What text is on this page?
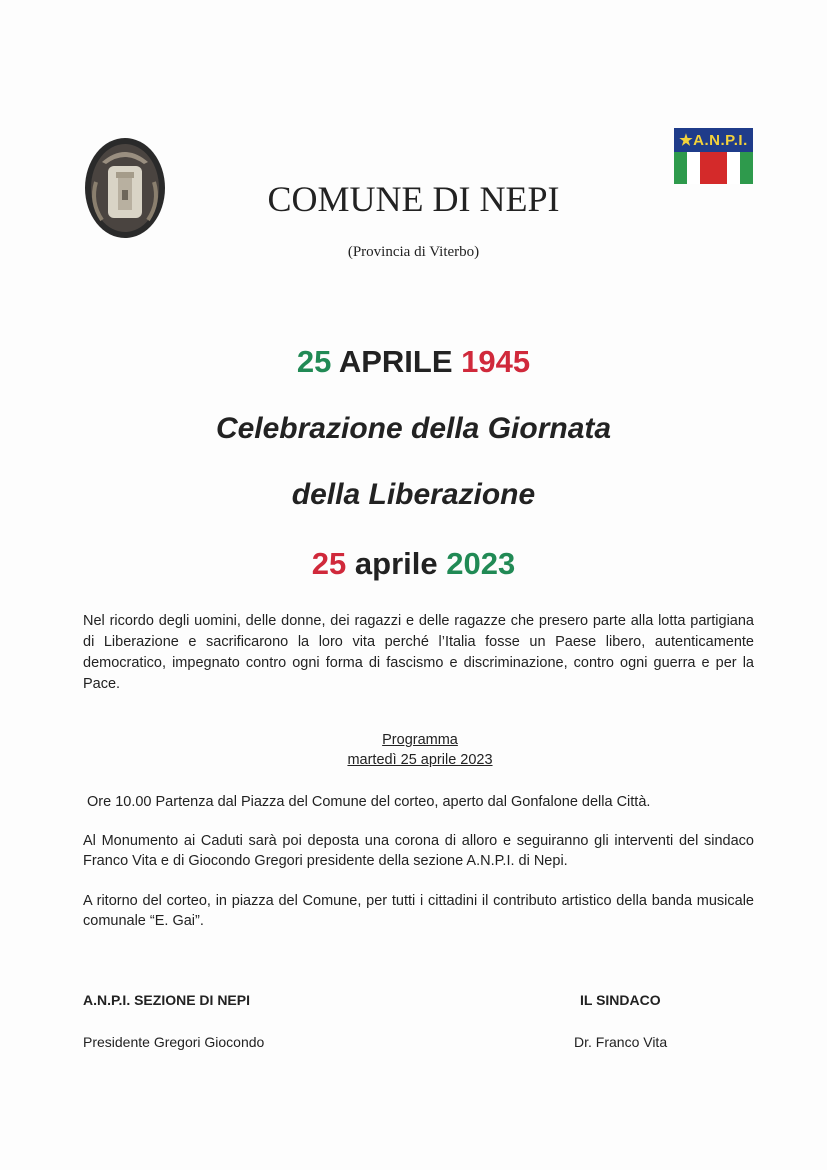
★A.N.P.I.
COMUNE DI NEPI
(Provincia di Viterbo)
25 APRILE 1945
Celebrazione della Giornata
della Liberazione
25 aprile 2023

Nel ricordo degli uomini, delle donne, dei ragazzi e delle ragazze che presero parte alla lotta partigiana di Liberazione e sacrificarono la loro vita perché l’Italia fosse un Paese libero, autenticamente democratico, impegnato contro ogni forma di fascismo e discriminazione, contro ogni guerra e per la Pace.

Programma
martedì 25 aprile 2023

Ore 10.00 Partenza dal Piazza del Comune del corteo, aperto dal Gonfalone della Città.

Al Monumento ai Caduti sarà poi deposta una corona di alloro e seguiranno gli interventi del sindaco Franco Vita e di Giocondo Gregori presidente della sezione A.N.P.I. di Nepi.

A ritorno del corteo, in piazza del Comune, per tutti i cittadini il contributo artistico della banda musicale comunale “E. Gai”.

A.N.P.I. SEZIONE DI NEPI
Presidente Gregori Giocondo
IL SINDACO
Dr. Franco Vita
